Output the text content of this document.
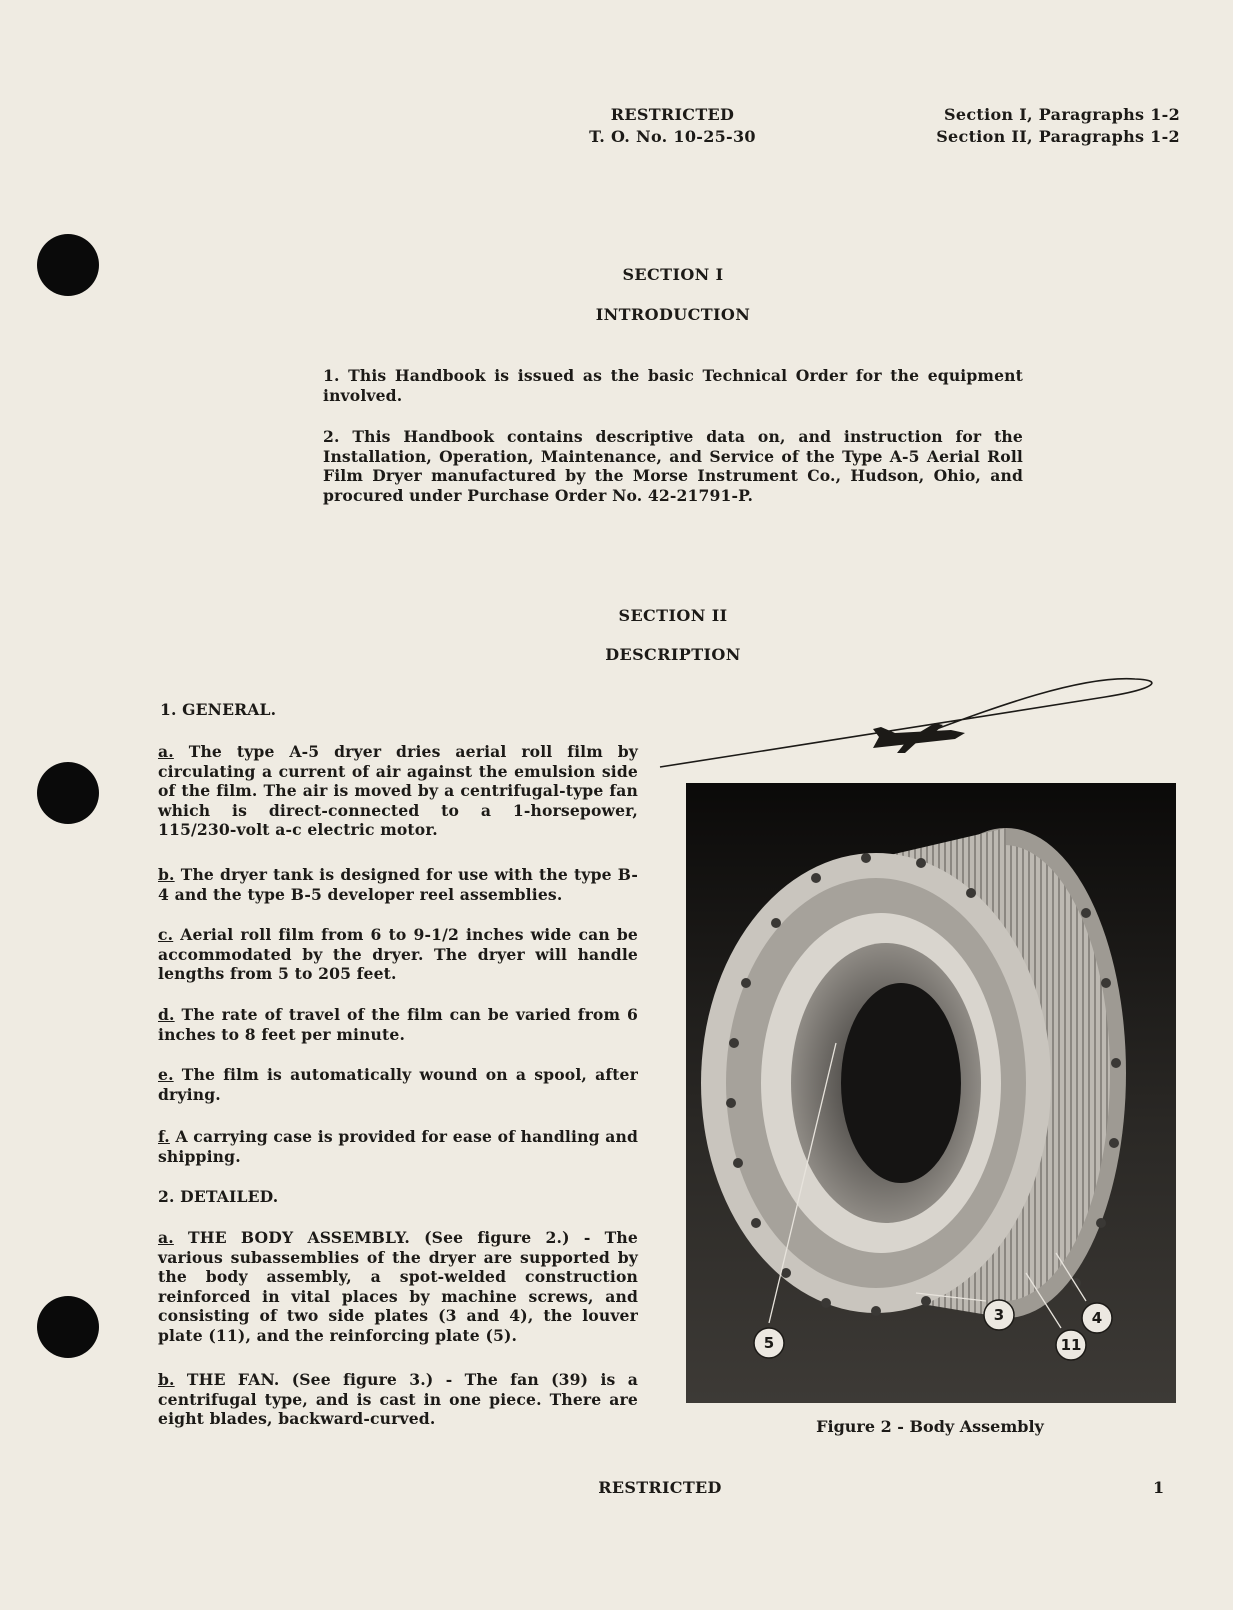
RESTRICTED
T. O. No. 10-25-30
Section I, Paragraphs 1-2
Section II, Paragraphs 1-2
SECTION I
INTRODUCTION
1. This Handbook is issued as the basic Technical Order for the equipment involved.
2. This Handbook contains descriptive data on, and instruction for the Installation, Operation, Maintenance, and Service of the Type A-5 Aerial Roll Film Dryer manufactured by the Morse Instrument Co., Hudson, Ohio, and procured under Purchase Order No. 42-21791-P.
SECTION II
DESCRIPTION
1. GENERAL.
a. The type A-5 dryer dries aerial roll film by circulating a current of air against the emulsion side of the film. The air is moved by a centrifugal-type fan which is direct-connected to a 1-horsepower, 115/230-volt a-c electric motor.
b. The dryer tank is designed for use with the type B-4 and the type B-5 developer reel assemblies.
c. Aerial roll film from 6 to 9-1/2 inches wide can be accommodated by the dryer. The dryer will handle lengths from 5 to 205 feet.
d. The rate of travel of the film can be varied from 6 inches to 8 feet per minute.
e. The film is automatically wound on a spool, after drying.
f. A carrying case is provided for ease of handling and shipping.
2. DETAILED.
a. THE BODY ASSEMBLY. (See figure 2.) - The various subassemblies of the dryer are supported by the body assembly, a spot-welded construction reinforced in vital places by machine screws, and consisting of two side plates (3 and 4), the louver plate (11), and the reinforcing plate (5).
b. THE FAN. (See figure 3.) - The fan (39) is a centrifugal type, and is cast in one piece. There are eight blades, backward-curved.
5
3
11
4
Figure 2 - Body Assembly
RESTRICTED	1
